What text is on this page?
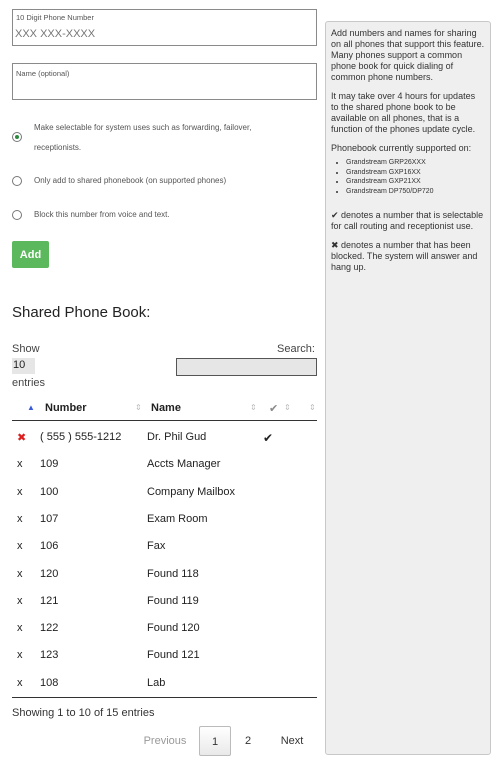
10 Digit Phone Number
XXX XXX-XXXX
Name (optional)
Make selectable for system uses such as forwarding, failover,
receptionists.
Only add to shared phonebook (on supported phones)
Block this number from voice and text.
Add
Shared Phone Book:
Show
10
entries
Search:
▲ Number	⇕ Name	⇕ ✔ ⇕ ⇕
✖ ( 555 ) 555-1212 Dr. Phil Gud	✔
x 109	Accts Manager
x 100	Company Mailbox
x 107	Exam Room
x 106	Fax
x 120	Found 118
x 121	Found 119
x 122	Found 120
x 123	Found 121
x 108	Lab
Showing 1 to 10 of 15 entries
Previous	1	2	Next

Add numbers and names for sharing on all phones that support this feature. Many phones support a common phone book for quick dialing of common phone numbers.

It may take over 4 hours for updates to the shared phone book to be available on all phones, that is a function of the phones update cycle.

Phonebook currently supported on:

• Grandstream GRP26XXX
• Grandstream GXP16XX
• Grandstream GXP21XX
• Grandstream DP750/DP720

✔ denotes a number that is selectable for call routing and receptionist use.

✖ denotes a number that has been blocked. The system will answer and hang up.
